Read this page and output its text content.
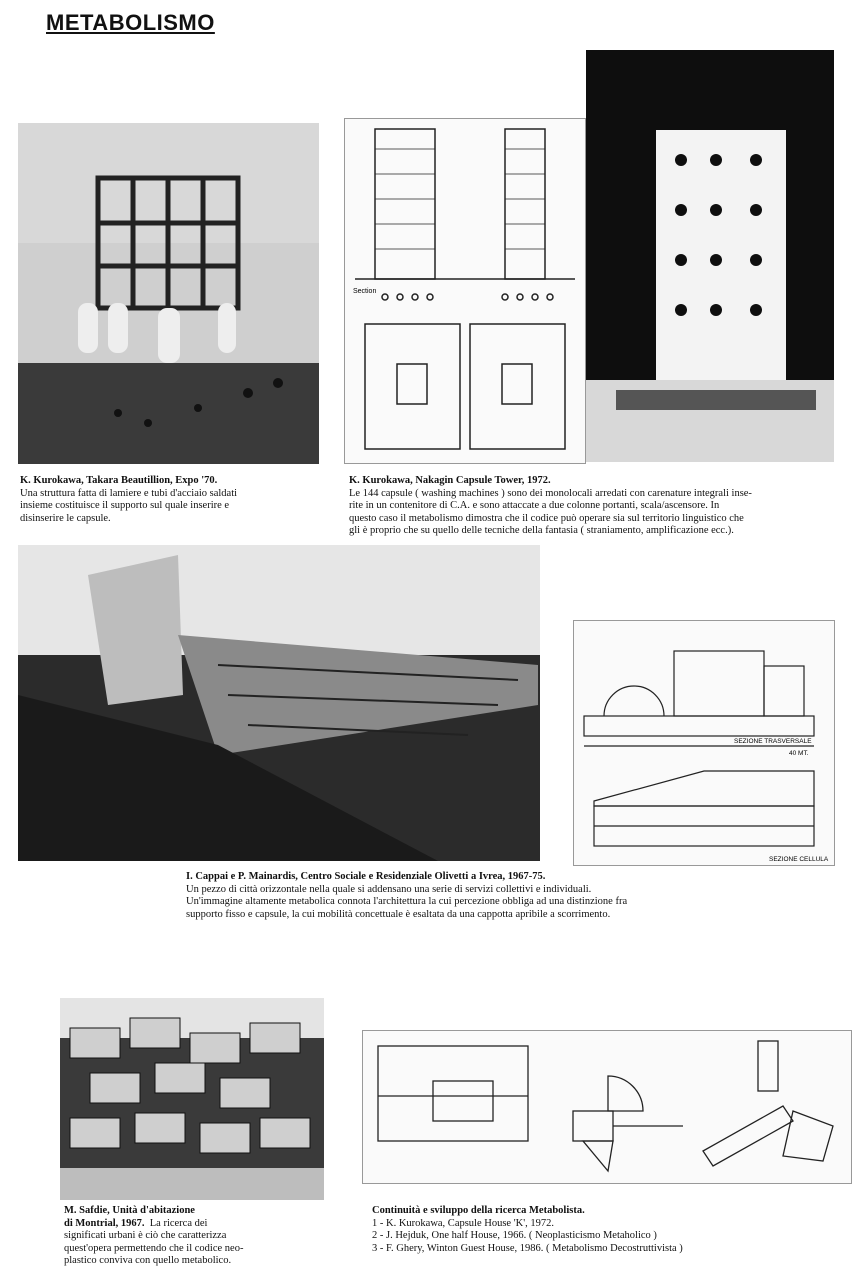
METABOLISMO
K. Kurokawa, Takara Beautillion, Expo '70.
Una struttura fatta di lamiere e tubi d'acciaio saldati
insieme costituisce il supporto sul quale inserire e
disinserire le capsule.
Section
K. Kurokawa, Nakagin Capsule Tower, 1972.
Le 144 capsule ( washing machines ) sono dei monolocali arredati con carenature integrali inse-
rite in un contenitore di C.A. e sono attaccate a due colonne portanti, scala/ascensore. In
questo caso il metabolismo dimostra che il codice può operare sia sul territorio linguistico che
gli è proprio che su quello delle tecniche della fantasia ( straniamento, amplificazione ecc.).
SEZIONE TRASVERSALE
40 MT.
SEZIONE CELLULA
I. Cappai e P. Mainardis, Centro Sociale e Residenziale Olivetti a Ivrea, 1967-75.
Un pezzo di città orizzontale nella quale si addensano una serie di servizi collettivi e individuali.
Un'immagine altamente metabolica connota l'architettura la cui percezione obbliga ad una distinzione fra
supporto fisso e capsule, la cui mobilità concettuale è esaltata da una cappotta apribile a scorrimento.
M. Safdie, Unità d'abitazione
di Montrial, 1967. La ricerca dei
significati urbani è ciò che caratterizza
quest'opera permettendo che il codice neo-
plastico conviva con quello metabolico.
Continuità e sviluppo della ricerca Metabolista.
1 - K. Kurokawa, Capsule House 'K', 1972.
2 - J. Hejduk, One half House, 1966. ( Neoplasticismo Metaholico )
3 - F. Ghery, Winton Guest House, 1986. ( Metabolismo Decostruttivista )
